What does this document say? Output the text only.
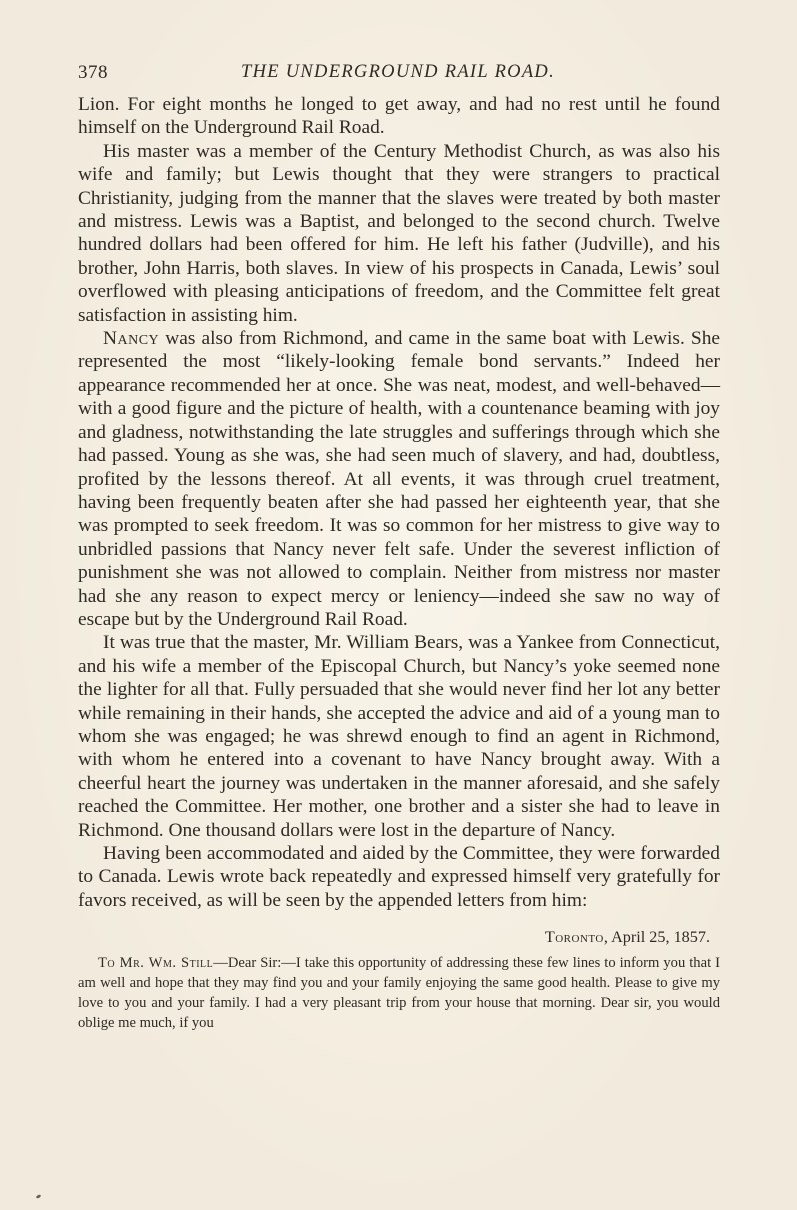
378	THE UNDERGROUND RAIL ROAD.

Lion. For eight months he longed to get away, and had no rest until he found himself on the Underground Rail Road.

His master was a member of the Century Methodist Church, as was also his wife and family; but Lewis thought that they were strangers to practical Christianity, judging from the manner that the slaves were treated by both master and mistress. Lewis was a Baptist, and belonged to the second church. Twelve hundred dollars had been offered for him. He left his father (Judville), and his brother, John Harris, both slaves. In view of his prospects in Canada, Lewis’ soul overflowed with pleasing anticipations of freedom, and the Committee felt great satisfaction in assisting him.

Nancy was also from Richmond, and came in the same boat with Lewis. She represented the most “likely-looking female bond servants.” Indeed her appearance recommended her at once. She was neat, modest, and well-behaved—with a good figure and the picture of health, with a countenance beaming with joy and gladness, notwithstanding the late struggles and sufferings through which she had passed. Young as she was, she had seen much of slavery, and had, doubtless, profited by the lessons thereof. At all events, it was through cruel treatment, having been frequently beaten after she had passed her eighteenth year, that she was prompted to seek freedom. It was so common for her mistress to give way to unbridled passions that Nancy never felt safe. Under the severest infliction of punishment she was not allowed to complain. Neither from mistress nor master had she any reason to expect mercy or leniency—indeed she saw no way of escape but by the Underground Rail Road.

It was true that the master, Mr. William Bears, was a Yankee from Connecticut, and his wife a member of the Episcopal Church, but Nancy’s yoke seemed none the lighter for all that. Fully persuaded that she would never find her lot any better while remaining in their hands, she accepted the advice and aid of a young man to whom she was engaged; he was shrewd enough to find an agent in Richmond, with whom he entered into a covenant to have Nancy brought away. With a cheerful heart the journey was undertaken in the manner aforesaid, and she safely reached the Committee. Her mother, one brother and a sister she had to leave in Richmond. One thousand dollars were lost in the departure of Nancy.

Having been accommodated and aided by the Committee, they were forwarded to Canada. Lewis wrote back repeatedly and expressed himself very gratefully for favors received, as will be seen by the appended letters from him:

Toronto, April 25, 1857.

To Mr. Wm. Still—Dear Sir:—I take this opportunity of addressing these few lines to inform you that I am well and hope that they may find you and your family enjoying the same good health. Please to give my love to you and your family. I had a very pleasant trip from your house that morning. Dear sir, you would oblige me much, if you
